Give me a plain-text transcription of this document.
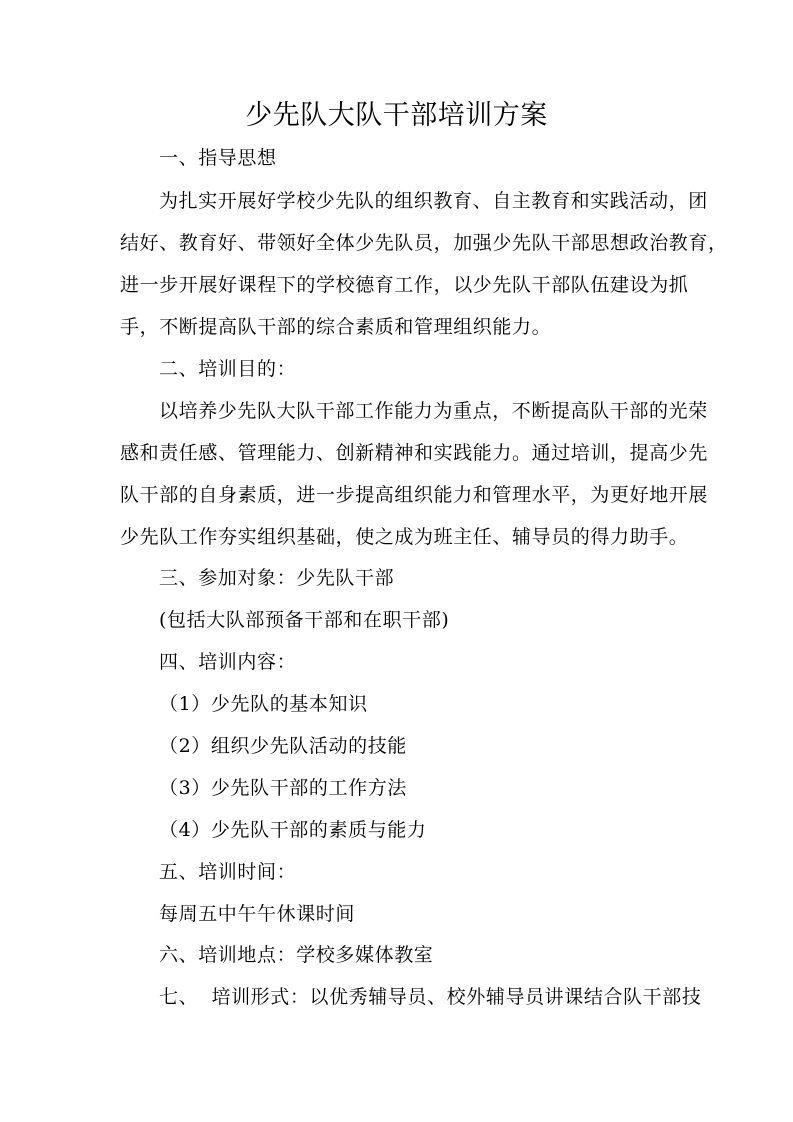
少先队大队干部培训方案
一、指导思想
为扎实开展好学校少先队的组织教育、自主教育和实践活动，团
结好、教育好、带领好全体少先队员，加强少先队干部思想政治教育，
进一步开展好课程下的学校德育工作，以少先队干部队伍建设为抓
手，不断提高队干部的综合素质和管理组织能力。
二、培训目的：
以培养少先队大队干部工作能力为重点，不断提高队干部的光荣
感和责任感、管理能力、创新精神和实践能力。通过培训，提高少先
队干部的自身素质，进一步提高组织能力和管理水平，为更好地开展
少先队工作夯实组织基础，使之成为班主任、辅导员的得力助手。
三、参加对象：少先队干部
(包括大队部预备干部和在职干部)
四、培训内容：
（1）少先队的基本知识
（2）组织少先队活动的技能
（3）少先队干部的工作方法
（4）少先队干部的素质与能力
五、培训时间：
每周五中午午休课时间
六、培训地点：学校多媒体教室
七、  培训形式：以优秀辅导员、校外辅导员讲课结合队干部技
